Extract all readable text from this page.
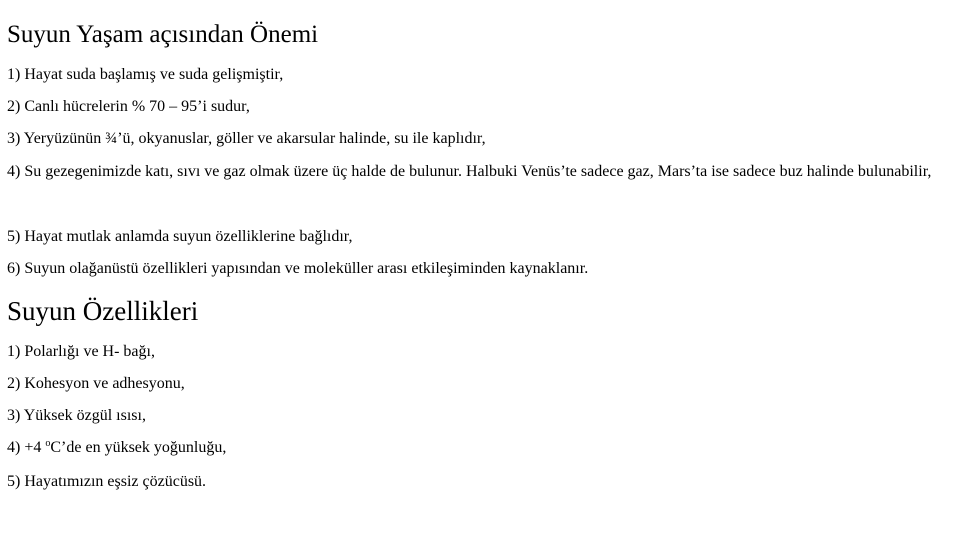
Suyun Yaşam açısından Önemi

1) Hayat suda başlamış ve suda gelişmiştir,

2) Canlı hücrelerin % 70 – 95’i sudur,

3) Yeryüzünün ¾’ü, okyanuslar, göller ve akarsular halinde, su ile kaplıdır,

4) Su gezegenimizde katı, sıvı ve gaz olmak üzere üç halde de bulunur. Halbuki Venüs’te sadece gaz, Mars’ta ise sadece buz halinde bulunabilir,

5) Hayat mutlak anlamda suyun özelliklerine bağlıdır,

6) Suyun olağanüstü özellikleri yapısından ve moleküller arası etkileşiminden kaynaklanır.

Suyun Özellikleri

1) Polarlığı ve H- bağı,

2) Kohesyon ve adhesyonu,

3) Yüksek özgül ısısı,

4) +4 $^o$C’de en yüksek yoğunluğu,

5) Hayatımızın eşsiz çözücüsü.
